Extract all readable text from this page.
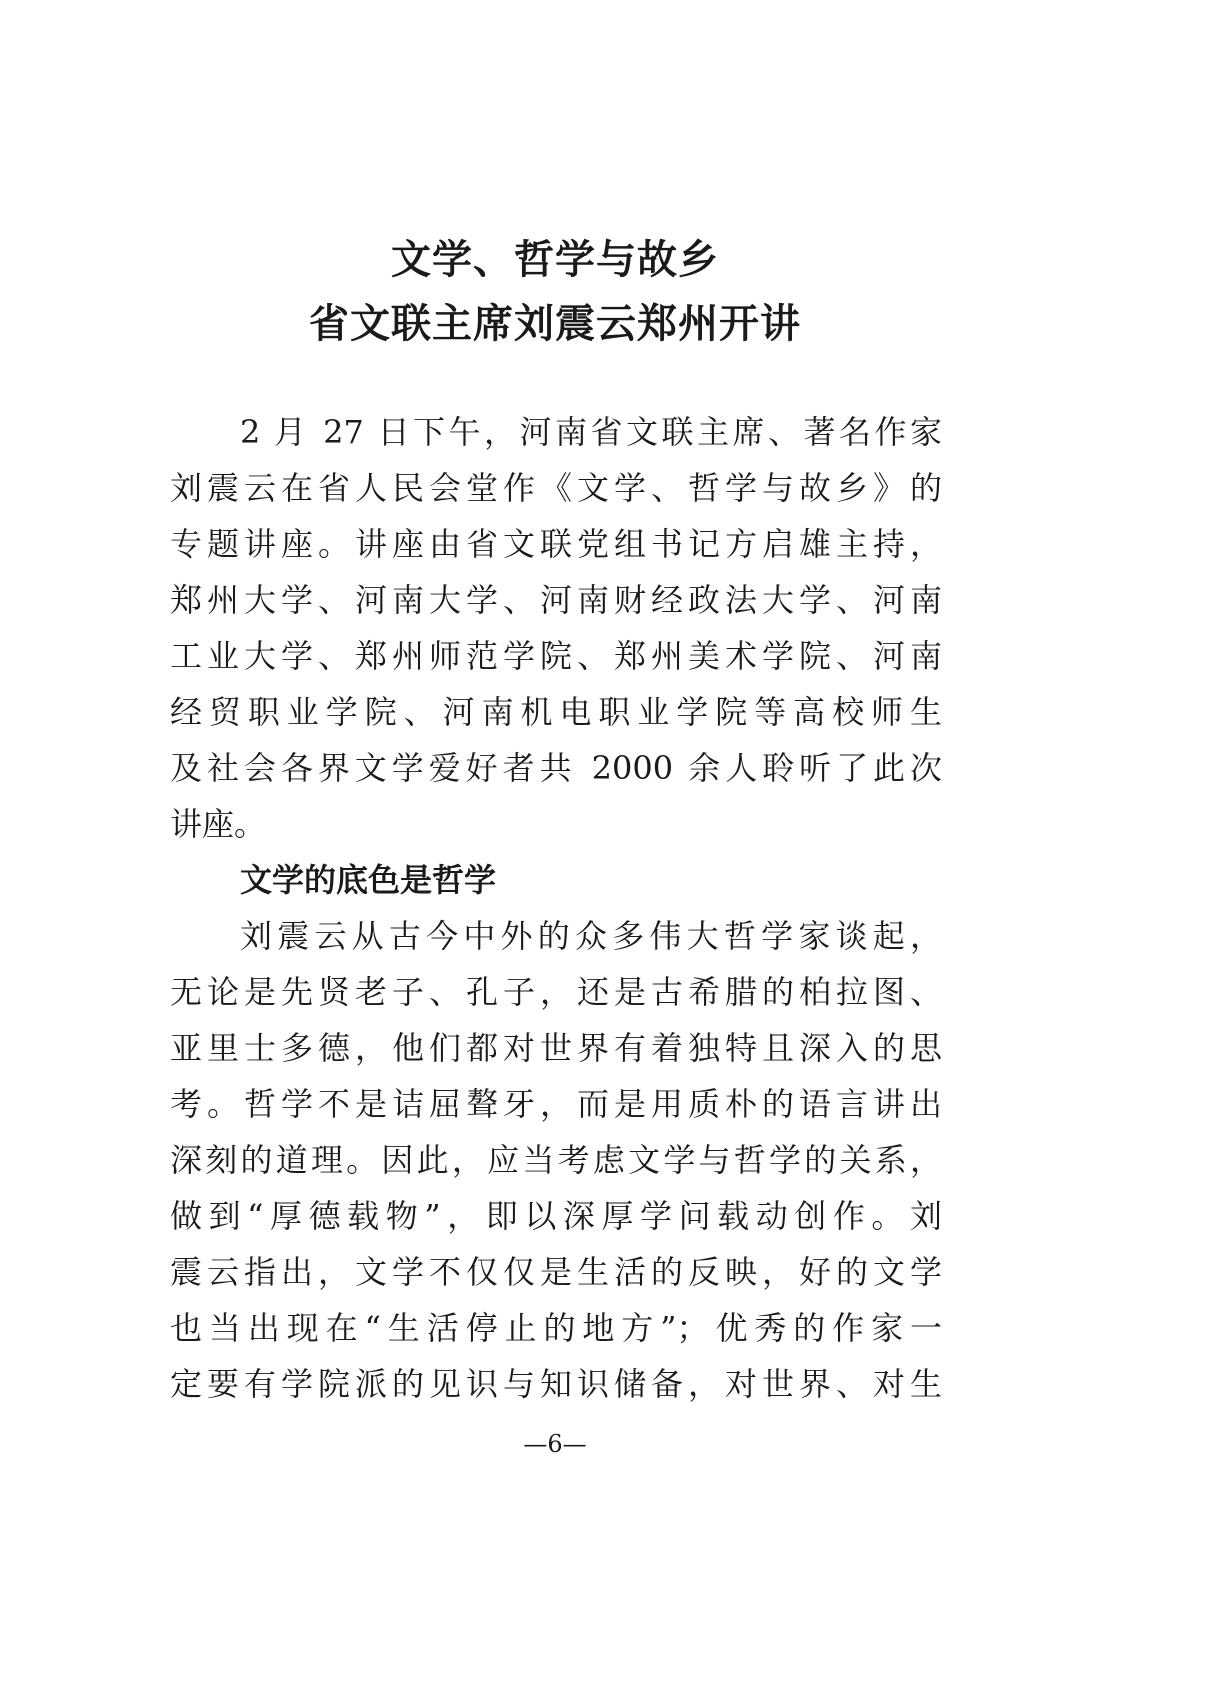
文学、哲学与故乡
省文联主席刘震云郑州开讲
2 月 27 日下午，河南省文联主席、著名作家
刘震云在省人民会堂作《文学、哲学与故乡》的
专题讲座。讲座由省文联党组书记方启雄主持，
郑州大学、河南大学、河南财经政法大学、河南
工业大学、郑州师范学院、郑州美术学院、河南
经贸职业学院、河南机电职业学院等高校师生
及社会各界文学爱好者共 2000 余人聆听了此次
讲座。
文学的底色是哲学
刘震云从古今中外的众多伟大哲学家谈起，
无论是先贤老子、孔子，还是古希腊的柏拉图、
亚里士多德，他们都对世界有着独特且深入的思
考。哲学不是诘屈聱牙，而是用质朴的语言讲出
深刻的道理。因此，应当考虑文学与哲学的关系，
做到“厚德载物”，即以深厚学问载动创作。刘
震云指出，文学不仅仅是生活的反映，好的文学
也当出现在“生活停止的地方”；优秀的作家一
定要有学院派的见识与知识储备，对世界、对生
—6—
